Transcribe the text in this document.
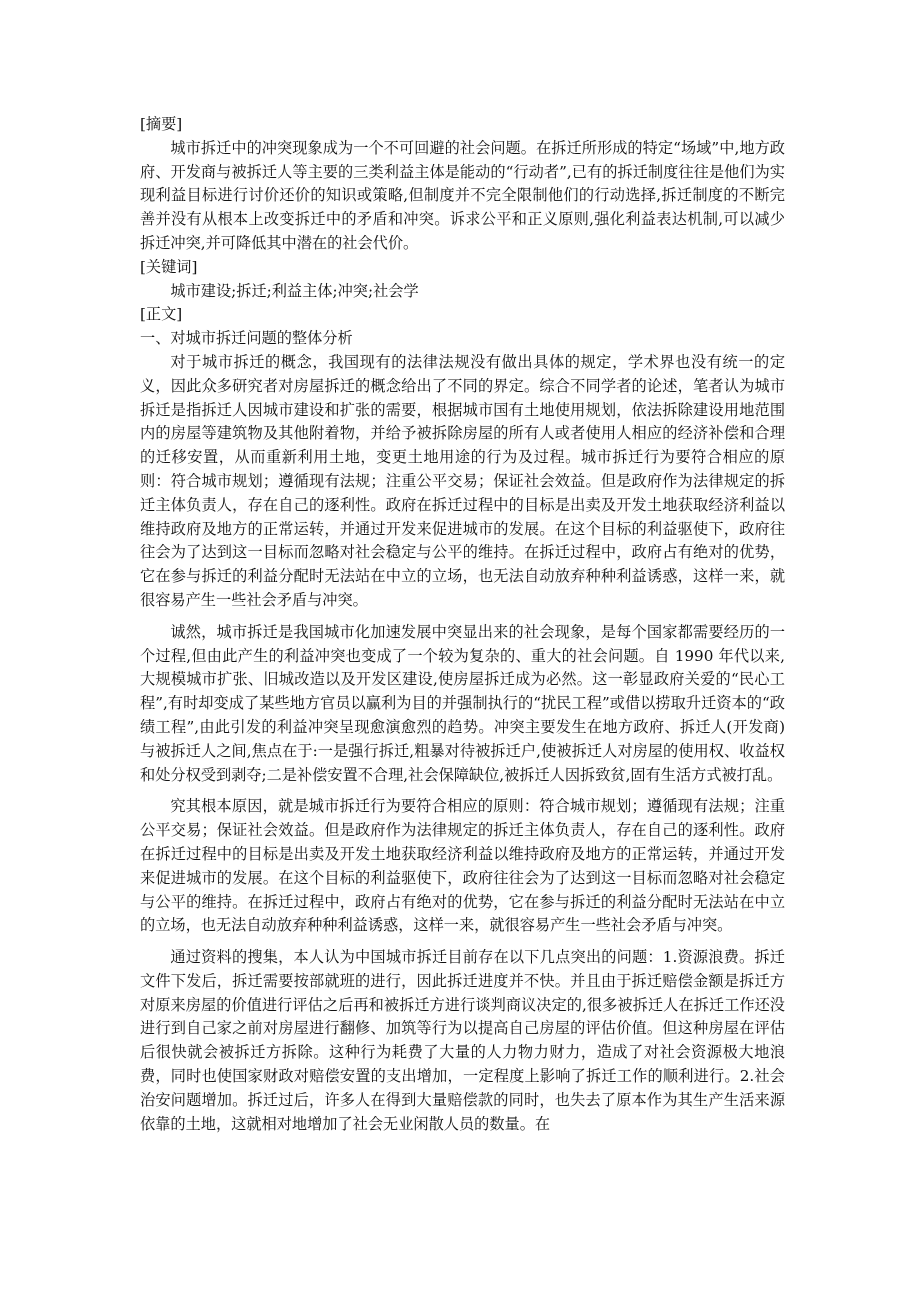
[摘要]

城市拆迁中的冲突现象成为一个不可回避的社会问题。在拆迁所形成的特定“场域”中,地方政府、开发商与被拆迁人等主要的三类利益主体是能动的“行动者”,已有的拆迁制度往往是他们为实现利益目标进行讨价还价的知识或策略,但制度并不完全限制他们的行动选择,拆迁制度的不断完善并没有从根本上改变拆迁中的矛盾和冲突。诉求公平和正义原则,强化利益表达机制,可以减少拆迁冲突,并可降低其中潜在的社会代价。

[关键词]

城市建设;拆迁;利益主体;冲突;社会学

[正文]

一、对城市拆迁问题的整体分析

对于城市拆迁的概念，我国现有的法律法规没有做出具体的规定，学术界也没有统一的定义，因此众多研究者对房屋拆迁的概念给出了不同的界定。综合不同学者的论述，笔者认为城市拆迁是指拆迁人因城市建设和扩张的需要，根据城市国有土地使用规划，依法拆除建设用地范围内的房屋等建筑物及其他附着物，并给予被拆除房屋的所有人或者使用人相应的经济补偿和合理的迁移安置，从而重新利用土地，变更土地用途的行为及过程。城市拆迁行为要符合相应的原则：符合城市规划；遵循现有法规；注重公平交易；保证社会效益。但是政府作为法律规定的拆迁主体负责人，存在自己的逐利性。政府在拆迁过程中的目标是出卖及开发土地获取经济利益以维持政府及地方的正常运转，并通过开发来促进城市的发展。在这个目标的利益驱使下，政府往往会为了达到这一目标而忽略对社会稳定与公平的维持。在拆迁过程中，政府占有绝对的优势，它在参与拆迁的利益分配时无法站在中立的立场，也无法自动放弃种种利益诱惑，这样一来，就很容易产生一些社会矛盾与冲突。

诚然，城市拆迁是我国城市化加速发展中突显出来的社会现象，是每个国家都需要经历的一个过程,但由此产生的利益冲突也变成了一个较为复杂的、重大的社会问题。自 1990 年代以来,大规模城市扩张、旧城改造以及开发区建设,使房屋拆迁成为必然。这一彰显政府关爱的“民心工程”,有时却变成了某些地方官员以赢利为目的并强制执行的“扰民工程”或借以捞取升迁资本的“政绩工程”,由此引发的利益冲突呈现愈演愈烈的趋势。冲突主要发生在地方政府、拆迁人(开发商)与被拆迁人之间,焦点在于:一是强行拆迁,粗暴对待被拆迁户,使被拆迁人对房屋的使用权、收益权和处分权受到剥夺;二是补偿安置不合理,社会保障缺位,被拆迁人因拆致贫,固有生活方式被打乱。

究其根本原因，就是城市拆迁行为要符合相应的原则：符合城市规划；遵循现有法规；注重公平交易；保证社会效益。但是政府作为法律规定的拆迁主体负责人，存在自己的逐利性。政府在拆迁过程中的目标是出卖及开发土地获取经济利益以维持政府及地方的正常运转，并通过开发来促进城市的发展。在这个目标的利益驱使下，政府往往会为了达到这一目标而忽略对社会稳定与公平的维持。在拆迁过程中，政府占有绝对的优势，它在参与拆迁的利益分配时无法站在中立的立场，也无法自动放弃种种利益诱惑，这样一来，就很容易产生一些社会矛盾与冲突。

通过资料的搜集，本人认为中国城市拆迁目前存在以下几点突出的问题：1.资源浪费。拆迁文件下发后，拆迁需要按部就班的进行，因此拆迁进度并不快。并且由于拆迁赔偿金额是拆迁方对原来房屋的价值进行评估之后再和被拆迁方进行谈判商议决定的,很多被拆迁人在拆迁工作还没进行到自己家之前对房屋进行翻修、加筑等行为以提高自己房屋的评估价值。但这种房屋在评估后很快就会被拆迁方拆除。这种行为耗费了大量的人力物力财力，造成了对社会资源极大地浪费，同时也使国家财政对赔偿安置的支出增加，一定程度上影响了拆迁工作的顺利进行。2.社会治安问题增加。拆迁过后，许多人在得到大量赔偿款的同时，也失去了原本作为其生产生活来源依靠的土地，这就相对地增加了社会无业闲散人员的数量。在
